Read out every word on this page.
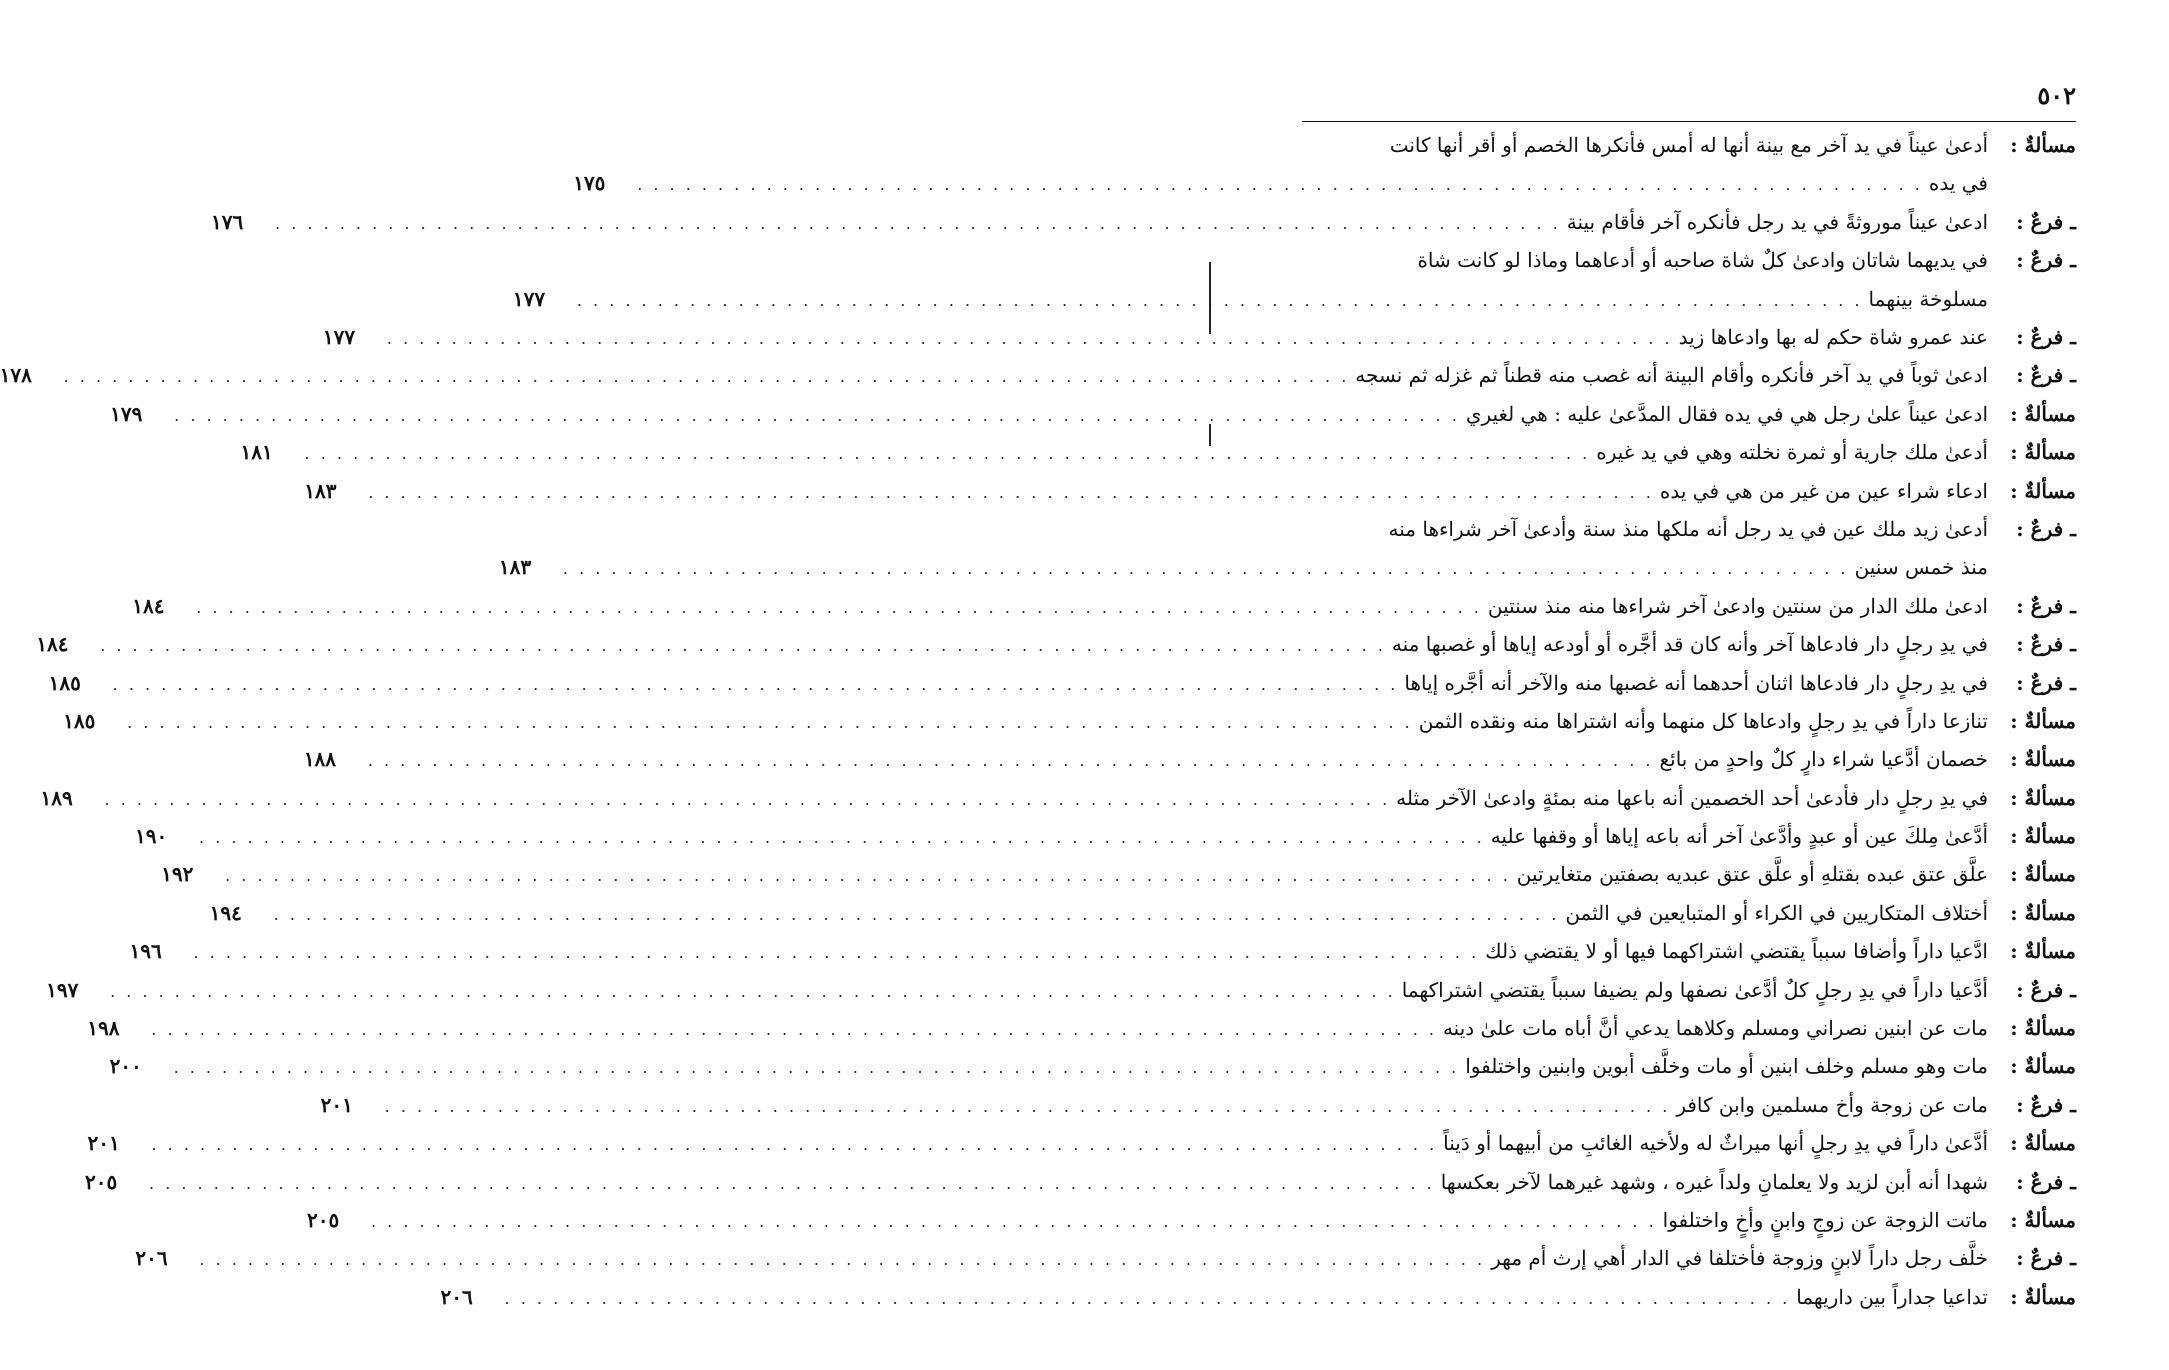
٥٠٢
مسألةٌ :
أدعىٰ عيناً في يد آخر مع بينة أنها له أمس فأنكرها الخصم أو أقر أنها كانت
في يده
. . .
١٧٥
ـ فرعٌ :
ادعىٰ عيناً موروثةً في يد رجل فأنكره آخر فأقام بينة
. . .
١٧٦
ـ فرعٌ :
في يديهما شاتان وادعىٰ كلٌ شاة صاحبه أو أدعاهما وماذا لو كانت شاة
مسلوخة بينهما
. . .
١٧٧
ـ فرعٌ :
عند عمرو شاة حكم له بها وادعاها زيد
. . .
١٧٧
ـ فرعٌ :
ادعىٰ ثوباً في يد آخر فأنكره وأقام البينة أنه غصب منه قطناً ثم غزله ثم نسجه
. . .
١٧٨
مسألةٌ :
ادعىٰ عيناً علىٰ رجل هي في يده فقال المدَّعىٰ عليه : هي لغيري
. . .
١٧٩
مسألةٌ :
أدعىٰ ملك جارية أو ثمرة نخلته وهي في يد غيره
. . .
١٨١
مسألةٌ :
ادعاء شراء عين من غير من هي في يده
. . .
١٨٣
ـ فرعٌ :
أدعىٰ زيد ملك عين في يد رجل أنه ملكها منذ سنة وأدعىٰ آخر شراءها منه
منذ خمس سنين
. . .
١٨٣
ـ فرعٌ :
ادعىٰ ملك الدار من سنتين وادعىٰ آخر شراءها منه منذ سنتين
. . .
١٨٤
ـ فرعٌ :
في يدِ رجلٍ دار فادعاها آخر وأنه كان قد أجَّره أو أودعه إياها أو غصبها منه
. . .
١٨٤
ـ فرعٌ :
في يدِ رجلٍ دار فادعاها اثنان أحدهما أنه غصبها منه والآخر أنه أجَّره إياها
. . .
١٨٥
مسألةٌ :
تنازعا داراً في يدِ رجلٍ وادعاها كل منهما وأنه اشتراها منه ونقده الثمن
. . .
١٨٥
مسألةٌ :
خصمان أدَّعيا شراء دارٍ كلٌ واحدٍ من بائع
. . .
١٨٨
مسألةٌ :
في يدِ رجلٍ دار فأدعىٰ أحد الخصمين أنه باعها منه بمئةٍ وادعىٰ الآخر مثله
. . .
١٨٩
مسألةٌ :
أدَّعىٰ مِلكَ عين أو عبدٍ وأدَّعىٰ آخر أنه باعه إياها أو وقفها عليه
. . .
١٩٠
مسألةٌ :
علَّق عتق عبده بقتلهِ أو علَّق عتق عبديه بصفتين متغايرتين
. . .
١٩٢
مسألةٌ :
أختلاف المتكاريين في الكراء أو المتبايعين في الثمن
. . .
١٩٤
مسألةٌ :
ادَّعيا داراً وأضافا سبباً يقتضي اشتراكهما فيها أو لا يقتضي ذلك
. . .
١٩٦
ـ فرعٌ :
أدَّعيا داراً في يدِ رجلٍ كلٌ أدَّعىٰ نصفها ولم يضيفا سبباً يقتضي اشتراكهما
. . .
١٩٧
مسألةٌ :
مات عن ابنين نصراني ومسلم وكلاهما يدعي أنَّ أباه مات علىٰ دينه
. . .
١٩٨
مسألةٌ :
مات وهو مسلم وخلف ابنين أو مات وخلَّف أبوين وابنين واختلفوا
. . .
٢٠٠
ـ فرعٌ :
مات عن زوجة وأخ مسلمين وابن كافر
. . .
٢٠١
مسألةٌ :
أدَّعىٰ داراً في يدِ رجلٍ أنها ميراثٌ له ولأخيه الغائبِ من أبيهما أو دَيناً
. . .
٢٠١
ـ فرعٌ :
شهدا أنه أبن لزيد ولا يعلمانِ ولداً غيره ، وشهد غيرهما لآخر بعكسها
. . .
٢٠٥
مسألةٌ :
ماتت الزوجة عن زوجٍ وابنٍ وأخٍ واختلفوا
. . .
٢٠٥
ـ فرعٌ :
خلَّف رجل داراً لابنٍ وزوجة فأختلفا في الدار أهي إرث أم مهر
. . .
٢٠٦
مسألةٌ :
تداعيا جداراً بين داريهما
. . .
٢٠٦
